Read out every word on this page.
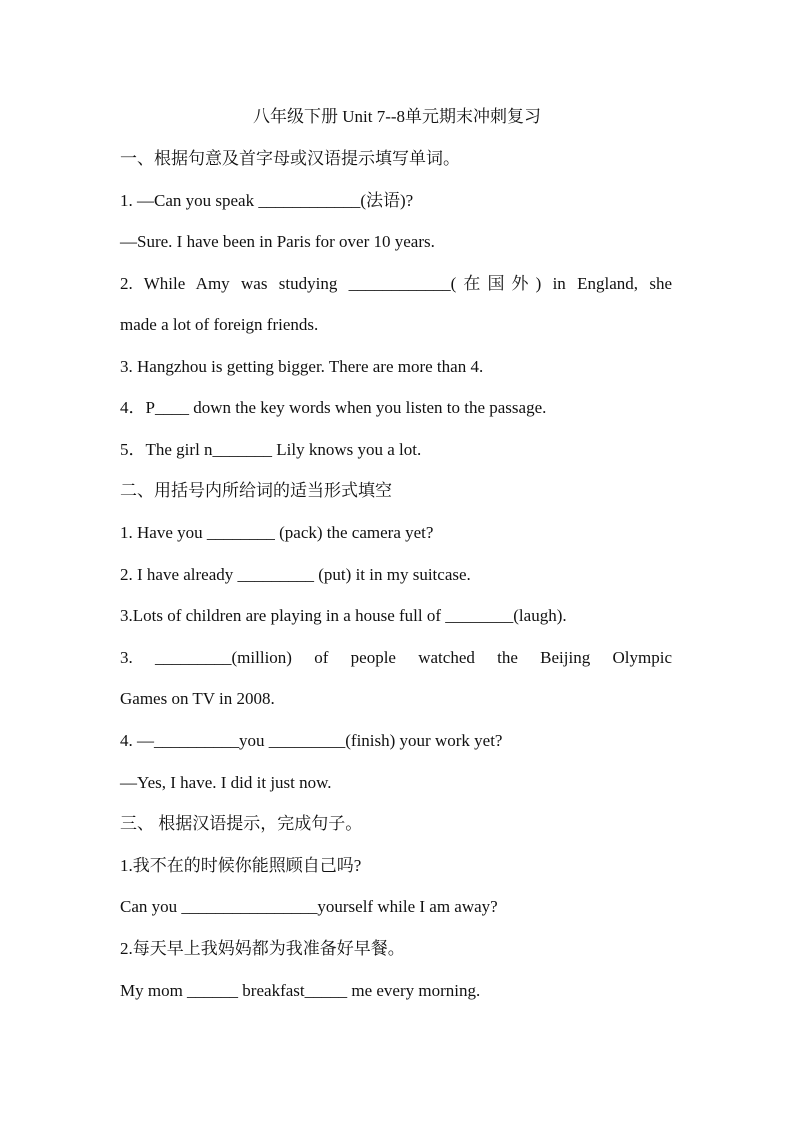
八年级下册 Unit 7--8单元期末冲刺复习
一、根据句意及首字母或汉语提示填写单词。
1. —Can you speak ____________(法语)?
—Sure. I have been in Paris for over 10 years.
2. While Amy was studying ____________(在国外) in England, she
made a lot of foreign friends.
3. Hangzhou is getting bigger. There are more than 4.
4．P____ down the key words when you listen to the passage.
5．The girl n_______ Lily knows you a lot.
二、用括号内所给词的适当形式填空
1. Have you ________ (pack) the camera yet?
2. I have already _________ (put) it in my suitcase.
3.Lots of children are playing in a house full of ________(laugh).
3. _________(million) of people watched the Beijing Olympic
Games on TV in 2008.
4. —__________you _________(finish) your work yet?
—Yes, I have. I did it just now.
三、 根据汉语提示，完成句子。
1.我不在的时候你能照顾自己吗?
Can you ________________yourself while I am away?
2.每天早上我妈妈都为我准备好早餐。
My mom ______ breakfast_____ me every morning.
